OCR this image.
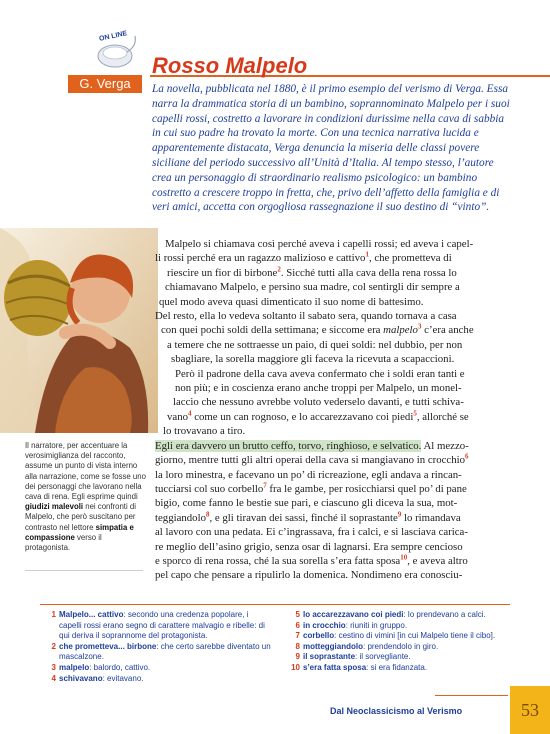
ON LINE
G. Verga
Rosso Malpelo
La novella, pubblicata nel 1880, è il primo esempio del verismo di Verga. Essa narra la drammatica storia di un bambino, soprannominato Malpelo per i suoi capelli rossi, costretto a lavorare in condizioni durissime nella cava di sabbia in cui suo padre ha trovato la morte. Con una tecnica narrativa lucida e apparentemente distacata, Verga denuncia la miseria delle classi povere siciliane del periodo successivo all’Unità d’Italia. Al tempo stesso, l’autore crea un personaggio di straordinario realismo psicologico: un bambino costretto a crescere troppo in fretta, che, privo dell’affetto della famiglia e di veri amici, accetta con orgogliosa rassegnazione il suo destino di “vinto”.
Il narratore, per accentuare la verosimiglianza del racconto, assume un punto di vista interno alla narrazione, come se fosse uno dei personaggi che lavorano nella cava di rena. Egli esprime quindi giudizi malevoli nei confronti di Malpelo, che però suscitano per contrasto nel lettore simpatia e compassione verso il protagonista.

Malpelo si chiamava così perché aveva i capelli rossi; ed aveva i capel-
li rossi perché era un ragazzo malizioso e cattivo$^1$, che prometteva di
riescire un fior di birbone$^2$. Sicché tutti alla cava della rena rossa lo
chiamavano Malpelo, e persino sua madre, col sentirgli dir sempre a
quel modo aveva quasi dimenticato il suo nome di battesimo.

Del resto, ella lo vedeva soltanto il sabato sera, quando tornava a casa
con quei pochi soldi della settimana; e siccome era malpelo$^3$ c’era anche
a temere che ne sottraesse un paio, di quei soldi: nel dubbio, per non
sbagliare, la sorella maggiore gli faceva la ricevuta a scapaccioni.

Però il padrone della cava aveva confermato che i soldi eran tanti e
non più; e in coscienza erano anche troppi per Malpelo, un monel-
laccio che nessuno avrebbe voluto vederselo davanti, e tutti schiva-
vano$^4$ come un can rognoso, e lo accarezzavano coi piedi$^5$, allorché se
lo trovavano a tiro.

Egli era davvero un brutto ceffo, torvo, ringhioso, e selvatico. Al mezzo-
giorno, mentre tutti gli altri operai della cava si mangiavano in crocchio$^6$
la loro minestra, e facevano un po’ di ricreazione, egli andava a rincan-
tucciarsi col suo corbello$^7$ fra le gambe, per rosicchiarsi quel po’ di pane
bigio, come fanno le bestie sue pari, e ciascuno gli diceva la sua, mot-
teggiandolo$^8$, e gli tiravan dei sassi, finché il soprastante$^9$ lo rimandava
al lavoro con una pedata. Ei c’ingrassava, fra i calci, e si lasciava carica-
re meglio dell’asino grigio, senza osar di lagnarsi. Era sempre cencioso
e sporco di rena rossa, ché la sua sorella s’era fatta sposa$^{10}$, e aveva altro
pel capo che pensare a ripulirlo la domenica. Nondimeno era conosciu-

1 Malpelo... cattivo: secondo una credenza popolare, i capelli rossi erano segno di carattere malvagio e ribelle: di qui deriva il soprannome del protagonista.
2 che prometteva... birbone: che certo sarebbe diventato un mascalzone.
3 malpelo: balordo, cattivo.
4 schivavano: evitavano.
5 lo accarezzavano coi piedi: lo prendevano a calci.
6 in crocchio: riuniti in gruppo.
7 corbello: cestino di vimini [in cui Malpelo tiene il cibo].
8 motteggiandolo: prendendolo in giro.
9 il soprastante: il sorvegliante.
10 s’era fatta sposa: si era fidanzata.
Dal Neoclassicismo al Verismo	53
